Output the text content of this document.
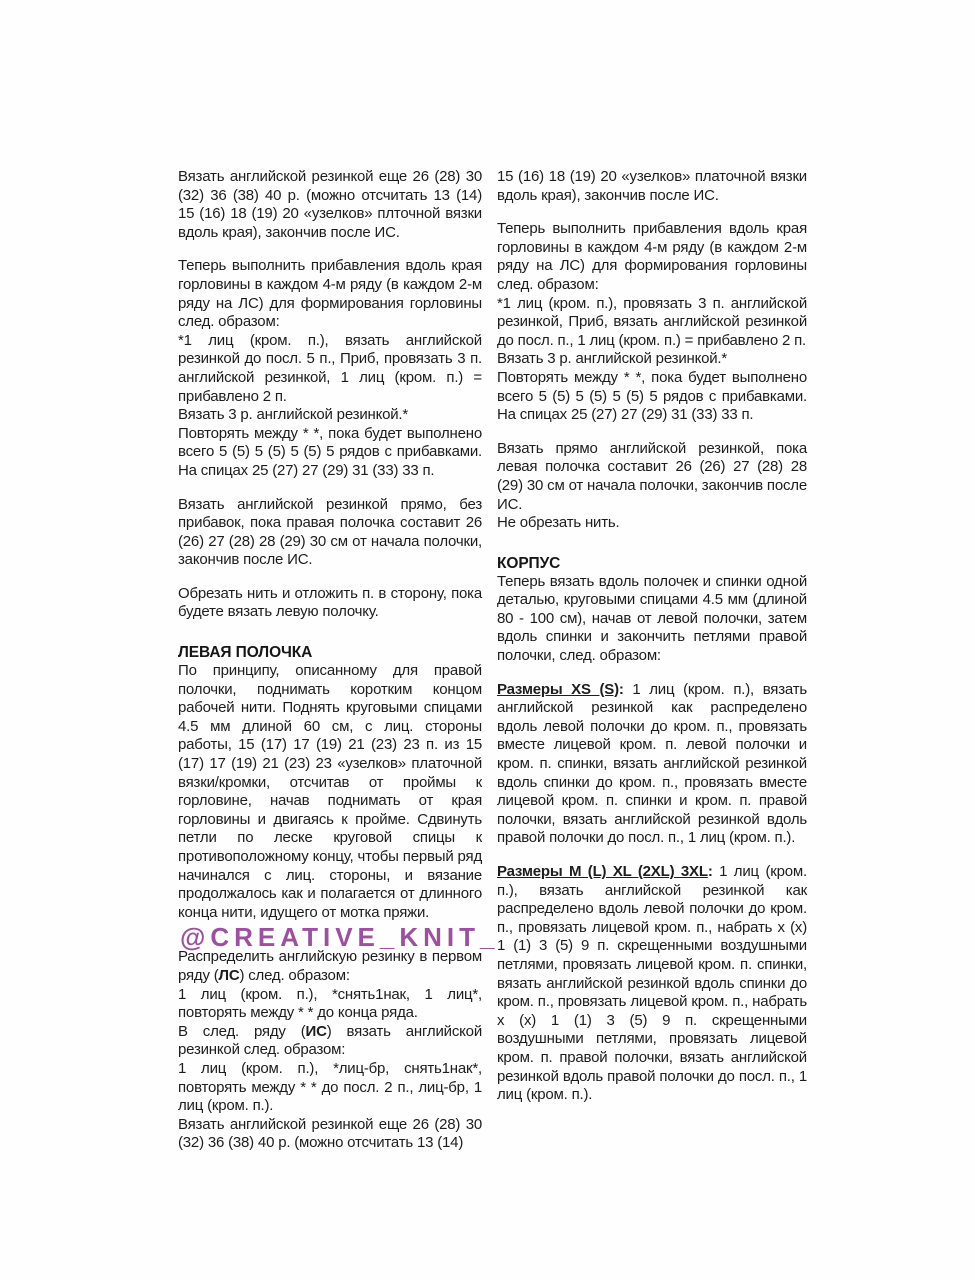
Вязать английской резинкой еще 26 (28) 30 (32) 36 (38) 40 р. (можно отсчитать 13 (14) 15 (16) 18 (19) 20 «узелков» плточной вязки вдоль края), закончив после ИС.
Теперь выполнить прибавления вдоль края горловины в каждом 4-м ряду (в каждом 2-м ряду на ЛС) для формирования горловины след. образом:
*1 лиц (кром. п.), вязать английской резинкой до посл. 5 п., Приб, провязать 3 п. английской резинкой, 1 лиц (кром. п.) = прибавлено 2 п.
Вязать 3 р. английской резинкой.*
Повторять между * *, пока будет выполнено всего 5 (5) 5 (5) 5 (5) 5 рядов с прибавками. На спицах 25 (27) 27 (29) 31 (33) 33 п.
Вязать английской резинкой прямо, без прибавок, пока правая полочка составит 26 (26) 27 (28) 28 (29) 30 см от начала полочки, закончив после ИС.
Обрезать нить и отложить п. в сторону, пока будете вязать левую полочку.
ЛЕВАЯ ПОЛОЧКА
По принципу, описанному для правой полочки, поднимать коротким концом рабочей нити. Поднять круговыми спицами 4.5 мм длиной 60 см, с лиц. стороны работы, 15 (17) 17 (19) 21 (23) 23 п. из 15 (17) 17 (19) 21 (23) 23 «узелков» платочной вязки/кромки, отсчитав от проймы к горловине, начав поднимать от края горловины и двигаясь к пройме. Сдвинуть петли по леске круговой спицы к противоположному концу, чтобы первый ряд начинался с лиц. стороны, и вязание продолжалось как и полагается от длинного конца нити, идущего от мотка пряжи.
@CREATIVE_KNIT_
Распределить английскую резинку в первом ряду (ЛС) след. образом:
1 лиц (кром. п.), *снять1нак, 1 лиц*, повторять между * * до конца ряда.
В след. ряду (ИС) вязать английской резинкой след. образом:
1 лиц (кром. п.), *лиц-бр, снять1нак*, повторять между * * до посл. 2 п., лиц-бр, 1 лиц (кром. п.).
Вязать английской резинкой еще 26 (28) 30 (32) 36 (38) 40 р. (можно отсчитать 13 (14)
15 (16) 18 (19) 20 «узелков» платочной вязки вдоль края), закончив после ИС.
Теперь выполнить прибавления вдоль края горловины в каждом 4-м ряду (в каждом 2-м ряду на ЛС) для формирования горловины след. образом:
*1 лиц (кром. п.), провязать 3 п. английской резинкой, Приб, вязать английской резинкой до посл. п., 1 лиц (кром. п.) = прибавлено 2 п.
Вязать 3 р. английской резинкой.*
Повторять между * *, пока будет выполнено всего 5 (5) 5 (5) 5 (5) 5 рядов с прибавками. На спицах 25 (27) 27 (29) 31 (33) 33 п.
Вязать прямо английской резинкой, пока левая полочка составит 26 (26) 27 (28) 28 (29) 30 см от начала полочки, закончив после ИС.
Не обрезать нить.
КОРПУС
Теперь вязать вдоль полочек и спинки одной деталью, круговыми спицами 4.5 мм (длиной 80 - 100 см), начав от левой полочки, затем вдоль спинки и закончить петлями правой полочки, след. образом:
Размеры XS (S): 1 лиц (кром. п.), вязать английской резинкой как распределено вдоль левой полочки до кром. п., провязать вместе лицевой кром. п. левой полочки и кром. п. спинки, вязать английской резинкой вдоль спинки до кром. п., провязать вместе лицевой кром. п. спинки и кром. п. правой полочки, вязать английской резинкой вдоль правой полочки до посл. п., 1 лиц (кром. п.).
Размеры M (L) XL (2XL) 3XL: 1 лиц (кром. п.), вязать английской резинкой как распределено вдоль левой полочки до кром. п., провязать лицевой кром. п., набрать х (х) 1 (1) 3 (5) 9 п. скрещенными воздушными петлями, провязать лицевой кром. п. спинки, вязать английской резинкой вдоль спинки до кром. п., провязать лицевой кром. п., набрать х (х) 1 (1) 3 (5) 9 п. скрещенными воздушными петлями, провязать лицевой кром. п. правой полочки, вязать английской резинкой вдоль правой полочки до посл. п., 1 лиц (кром. п.).
